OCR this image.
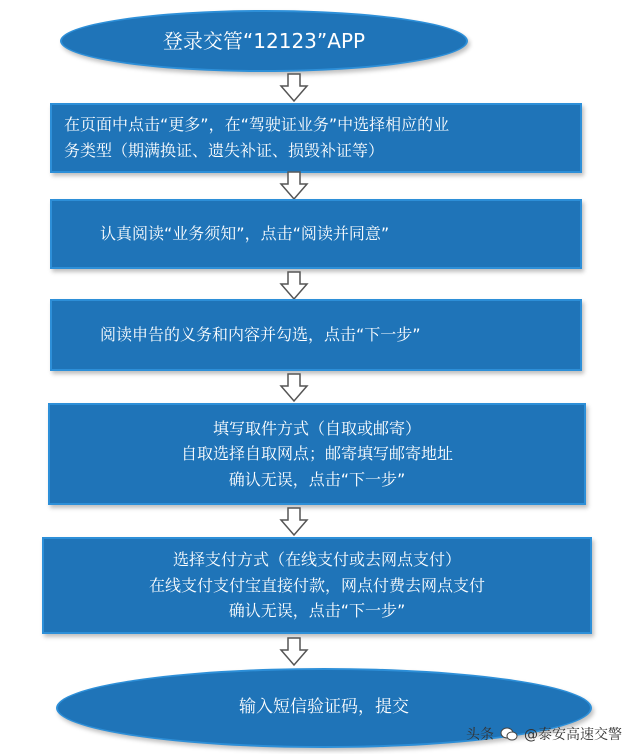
登录交管“12123”APP
在页面中点击“更多”，在“驾驶证业务”中选择相应的业
务类型（期满换证、遗失补证、损毁补证等）
认真阅读“业务须知”，点击“阅读并同意”
阅读申告的义务和内容并勾选，点击“下一步”
填写取件方式（自取或邮寄）
自取选择自取网点；邮寄填写邮寄地址
确认无误，点击“下一步”
选择支付方式（在线支付或去网点支付）
在线支付支付宝直接付款，网点付费去网点支付
确认无误，点击“下一步”
输入短信验证码，提交
头条 @泰安高速交警
